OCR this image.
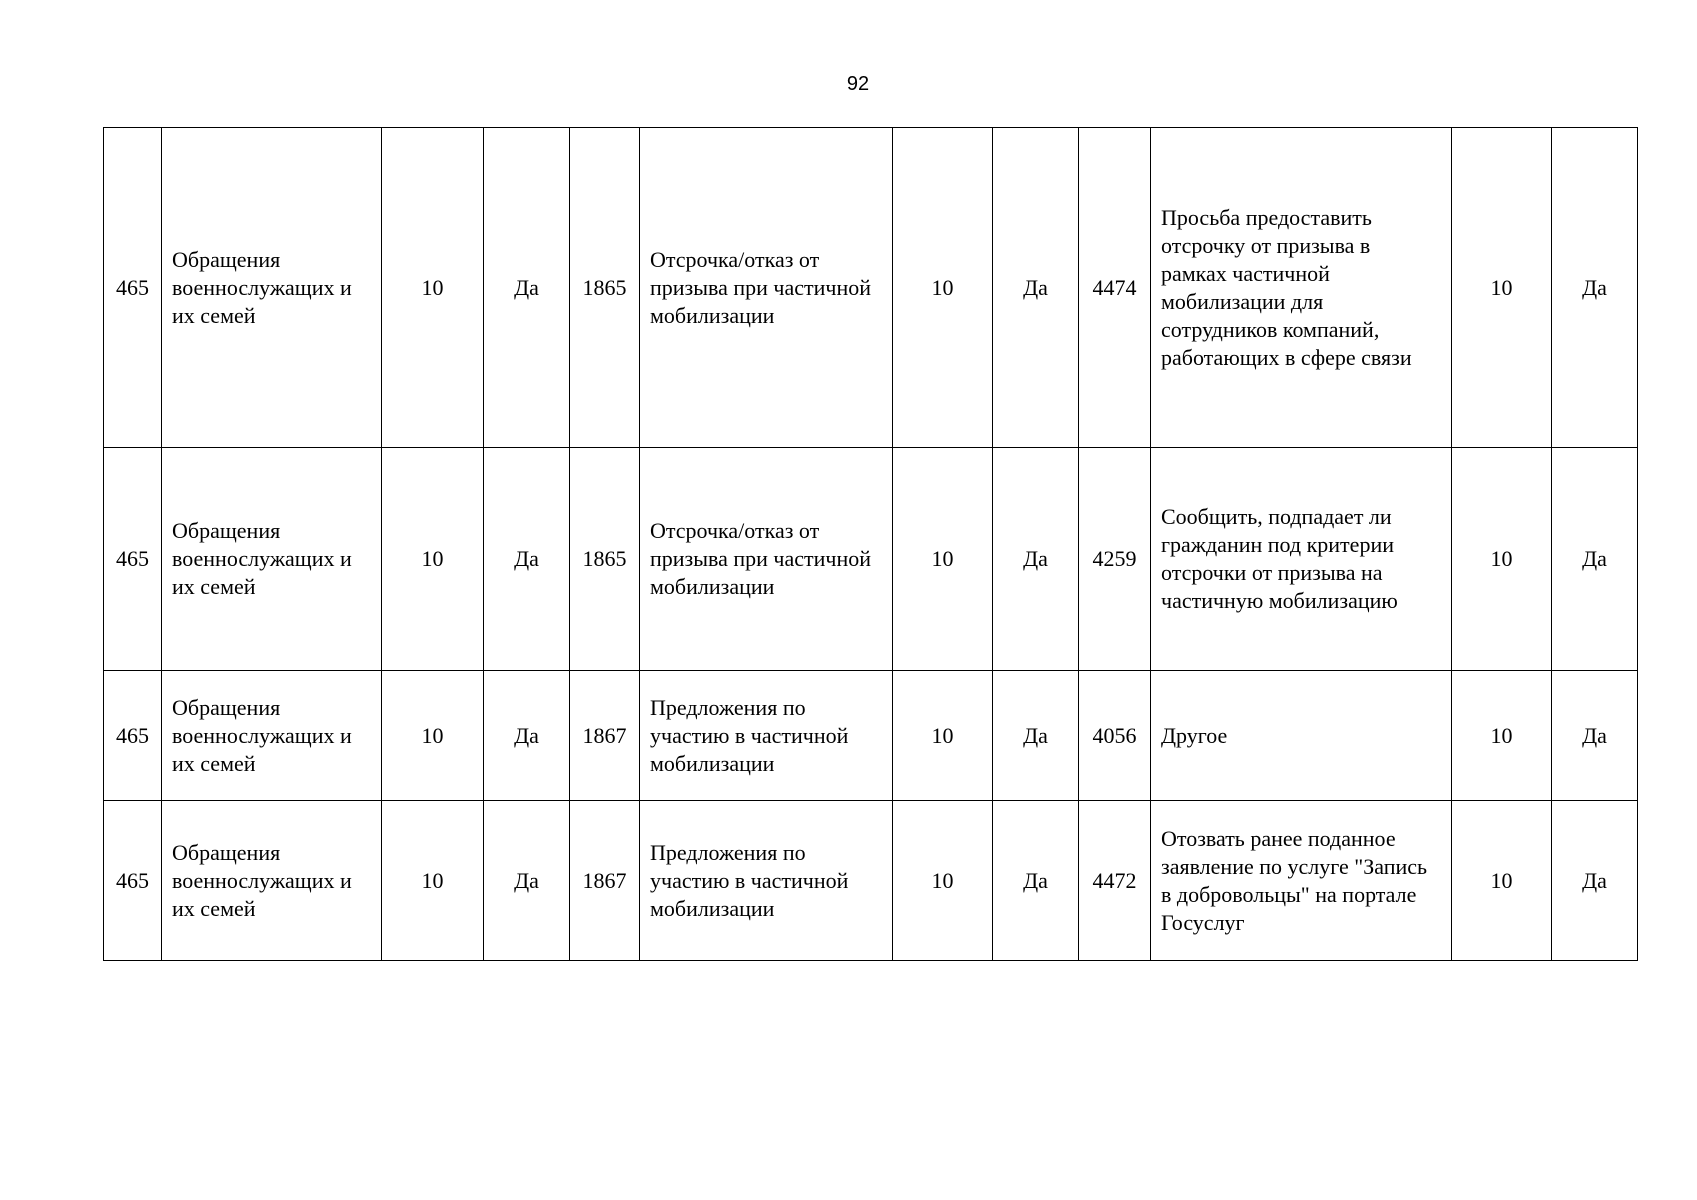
92
465	Обращения военнослужащих и их семей	10	Да	1865	Отсрочка/отказ от призыва при частичной мобилизации	10	Да	4474	Просьба предоставить отсрочку от призыва в рамках частичной мобилизации для сотрудников компаний, работающих в сфере связи	10	Да
465	Обращения военнослужащих и их семей	10	Да	1865	Отсрочка/отказ от призыва при частичной мобилизации	10	Да	4259	Сообщить, подпадает ли гражданин под критерии отсрочки от призыва на частичную мобилизацию	10	Да
465	Обращения военнослужащих и их семей	10	Да	1867	Предложения по участию в частичной мобилизации	10	Да	4056	Другое	10	Да
465	Обращения военнослужащих и их семей	10	Да	1867	Предложения по участию в частичной мобилизации	10	Да	4472	Отозвать ранее поданное заявление по услуге "Запись в добровольцы" на портале Госуслуг	10	Да
